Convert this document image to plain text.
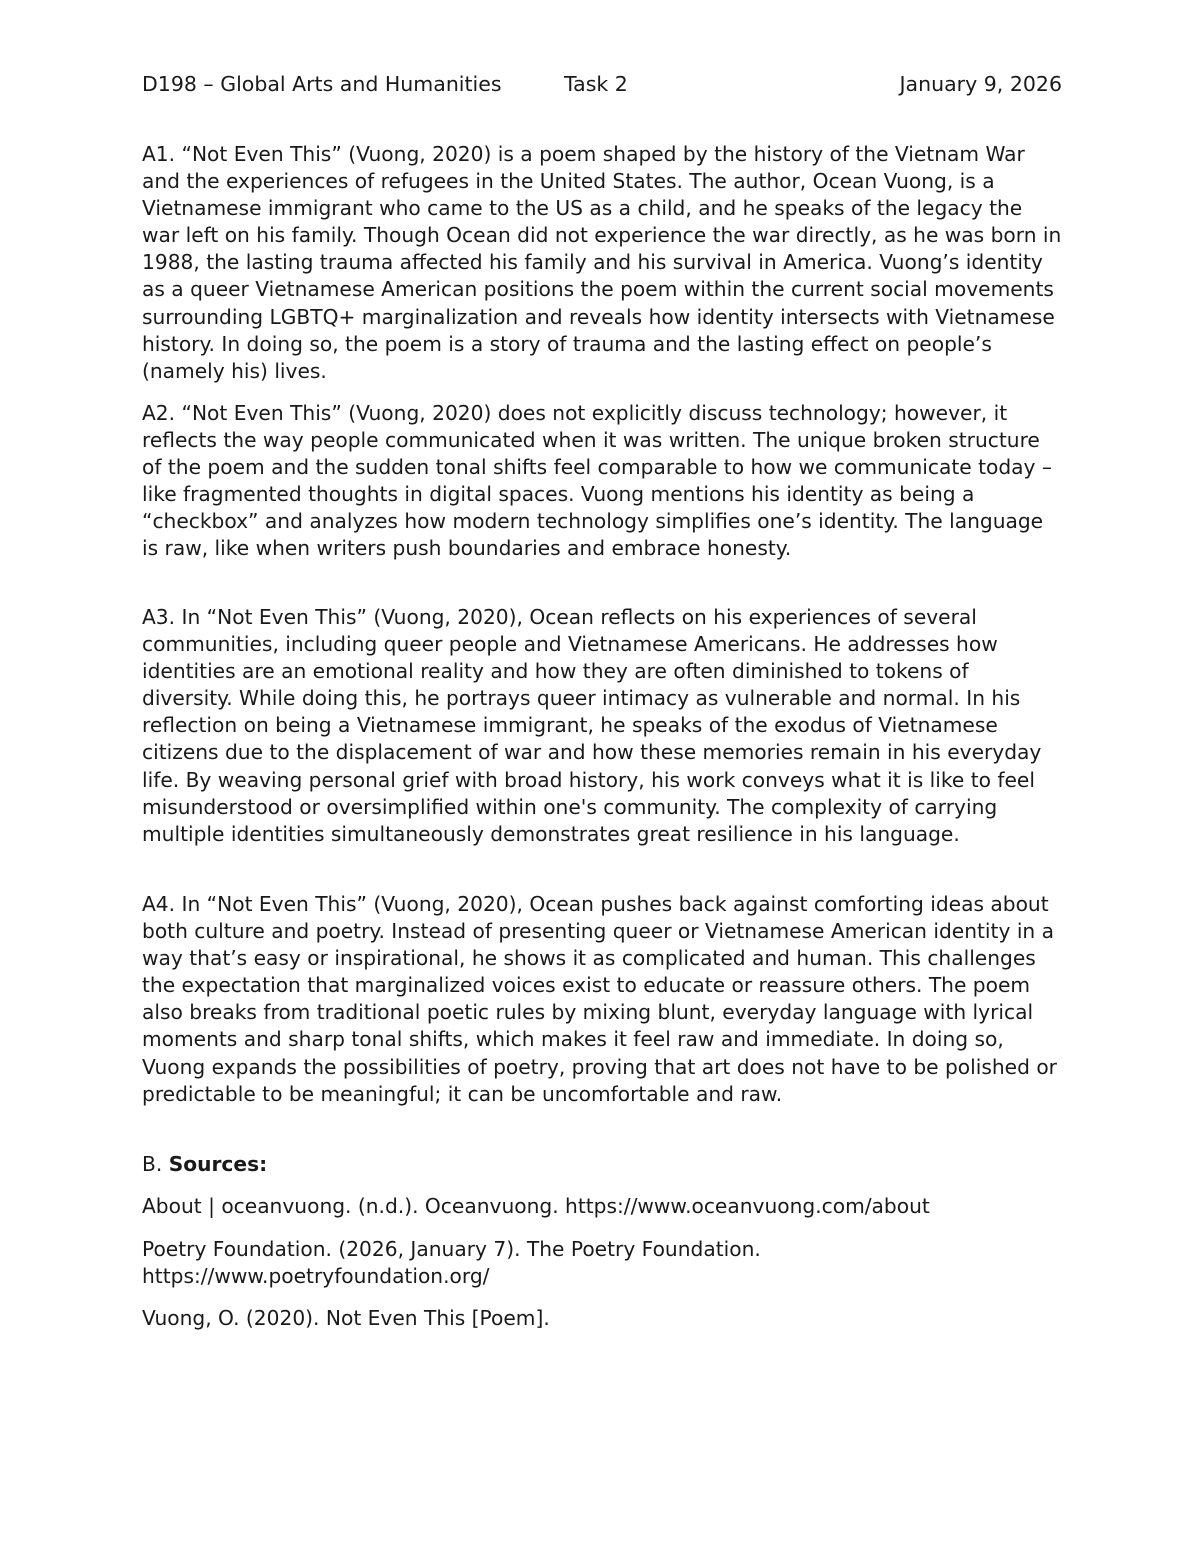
D198 – Global Arts and Humanities	Task 2	January 9, 2026

A1. “Not Even This” (Vuong, 2020) is a poem shaped by the history of the Vietnam War and the experiences of refugees in the United States. The author, Ocean Vuong, is a Vietnamese immigrant who came to the US as a child, and he speaks of the legacy the war left on his family. Though Ocean did not experience the war directly, as he was born in 1988, the lasting trauma affected his family and his survival in America. Vuong’s identity as a queer Vietnamese American positions the poem within the current social movements surrounding LGBTQ+ marginalization and reveals how identity intersects with Vietnamese history. In doing so, the poem is a story of trauma and the lasting effect on people’s (namely his) lives.

A2. “Not Even This” (Vuong, 2020) does not explicitly discuss technology; however, it reflects the way people communicated when it was written. The unique broken structure of the poem and the sudden tonal shifts feel comparable to how we communicate today – like fragmented thoughts in digital spaces. Vuong mentions his identity as being a “checkbox” and analyzes how modern technology simplifies one’s identity. The language is raw, like when writers push boundaries and embrace honesty.

A3. In “Not Even This” (Vuong, 2020), Ocean reflects on his experiences of several communities, including queer people and Vietnamese Americans. He addresses how identities are an emotional reality and how they are often diminished to tokens of diversity. While doing this, he portrays queer intimacy as vulnerable and normal. In his reflection on being a Vietnamese immigrant, he speaks of the exodus of Vietnamese citizens due to the displacement of war and how these memories remain in his everyday life. By weaving personal grief with broad history, his work conveys what it is like to feel misunderstood or oversimplified within one's community. The complexity of carrying multiple identities simultaneously demonstrates great resilience in his language.

A4. In “Not Even This” (Vuong, 2020), Ocean pushes back against comforting ideas about both culture and poetry. Instead of presenting queer or Vietnamese American identity in a way that’s easy or inspirational, he shows it as complicated and human. This challenges the expectation that marginalized voices exist to educate or reassure others. The poem also breaks from traditional poetic rules by mixing blunt, everyday language with lyrical moments and sharp tonal shifts, which makes it feel raw and immediate. In doing so, Vuong expands the possibilities of poetry, proving that art does not have to be polished or predictable to be meaningful; it can be uncomfortable and raw.

B. Sources:

About | oceanvuong. (n.d.). Oceanvuong. https://www.oceanvuong.com/about

Poetry Foundation. (2026, January 7). The Poetry Foundation. https://www.poetryfoundation.org/

Vuong, O. (2020). Not Even This [Poem].
